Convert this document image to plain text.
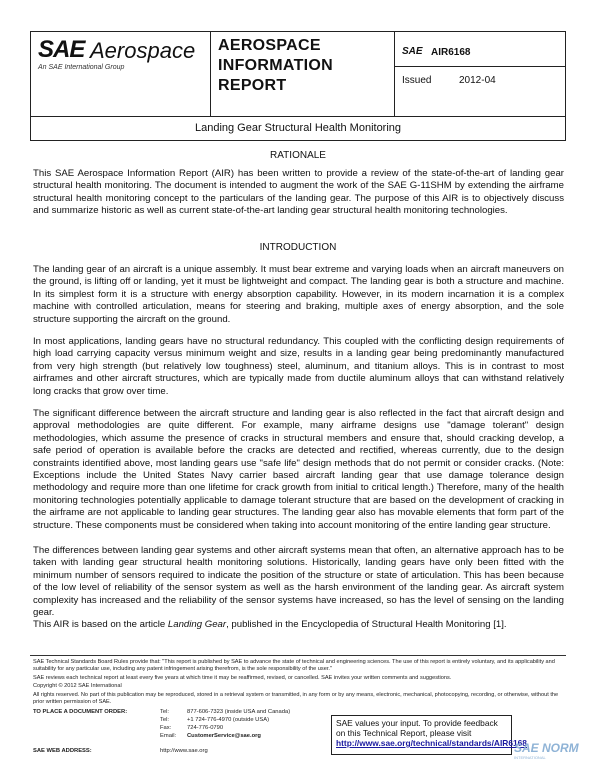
SAE Aerospace
An SAE International Group
AEROSPACE
INFORMATION
REPORT
SAE AIR6168
Issued	2012-04
Landing Gear Structural Health Monitoring
RATIONALE
This SAE Aerospace Information Report (AIR) has been written to provide a review of the state-of-the-art of landing gear structural health monitoring. The document is intended to augment the work of the SAE G-11SHM by extending the airframe structural health monitoring concept to the particulars of the landing gear. The purpose of this AIR is to objectively discuss and summarize historic as well as current state-of-the-art landing gear structural health monitoring technologies.
INTRODUCTION
The landing gear of an aircraft is a unique assembly. It must bear extreme and varying loads when an aircraft maneuvers on the ground, is lifting off or landing, yet it must be lightweight and compact. The landing gear is both a structure and machine. In its simplest form it is a structure with energy absorption capability. However, in its modern incarnation it is a complex machine with controlled articulation, means for steering and braking, multiple axes of energy absorption, and the sole structure supporting the aircraft on the ground.
In most applications, landing gears have no structural redundancy. This coupled with the conflicting design requirements of high load carrying capacity versus minimum weight and size, results in a landing gear being predominantly manufactured from very high strength (but relatively low toughness) steel, aluminum, and titanium alloys. This is in contrast to most airframes and other aircraft structures, which are typically made from ductile aluminum alloys that can withstand relatively long cracks that grow over time.
The significant difference between the aircraft structure and landing gear is also reflected in the fact that aircraft design and approval methodologies are quite different. For example, many airframe designs use "damage tolerant" design methodologies, which assume the presence of cracks in structural members and ensure that, should cracking develop, a safe period of operation is available before the cracks are detected and rectified, whereas currently, due to the design constraints identified above, most landing gears use "safe life" design methods that do not permit or consider cracks. (Note: Exceptions include the United States Navy carrier based aircraft landing gear that use damage tolerance design methodology and require more than one lifetime for crack growth from initial to critical length.) Therefore, many of the health monitoring technologies potentially applicable to damage tolerant structure that are based on the development of cracking in the airframe are not applicable to landing gear structures. The landing gear also has movable elements that form part of the structure. These components must be considered when taking into account monitoring of the entire landing gear structure.
The differences between landing gear systems and other aircraft systems mean that often, an alternative approach has to be taken with landing gear structural health monitoring solutions. Historically, landing gears have only been fitted with the minimum number of sensors required to indicate the position of the structure or state of articulation. This has been because of the low level of reliability of the sensor system as well as the harsh environment of the landing gear. As aircraft system complexity has increased and the reliability of the sensor systems have increased, so has the level of sensing on the landing gear.
This AIR is based on the article Landing Gear, published in the Encyclopedia of Structural Health Monitoring [1].
SAE Technical Standards Board Rules provide that: "This report is published by SAE to advance the state of technical and engineering sciences. The use of this report is entirely voluntary, and its applicability and suitability for any particular use, including any patent infringement arising therefrom, is the sole responsibility of the user."
SAE reviews each technical report at least every five years at which time it may be reaffirmed, revised, or cancelled. SAE invites your written comments and suggestions.
Copyright © 2012 SAE International
All rights reserved. No part of this publication may be reproduced, stored in a retrieval system or transmitted, in any form or by any means, electronic, mechanical, photocopying, recording, or otherwise, without the prior written permission of SAE.
TO PLACE A DOCUMENT ORDER:	Tel:	877-606-7323 (inside USA and Canada)
Tel:	+1 724-776-4970 (outside USA)
Fax:	724-776-0790
Email: CustomerService@sae.org
SAE WEB ADDRESS:	http://www.sae.org
SAE values your input. To provide feedback
on this Technical Report, please visit
http://www.sae.org/technical/standards/AIR6168
SAE NORM
INTERNATIONAL
